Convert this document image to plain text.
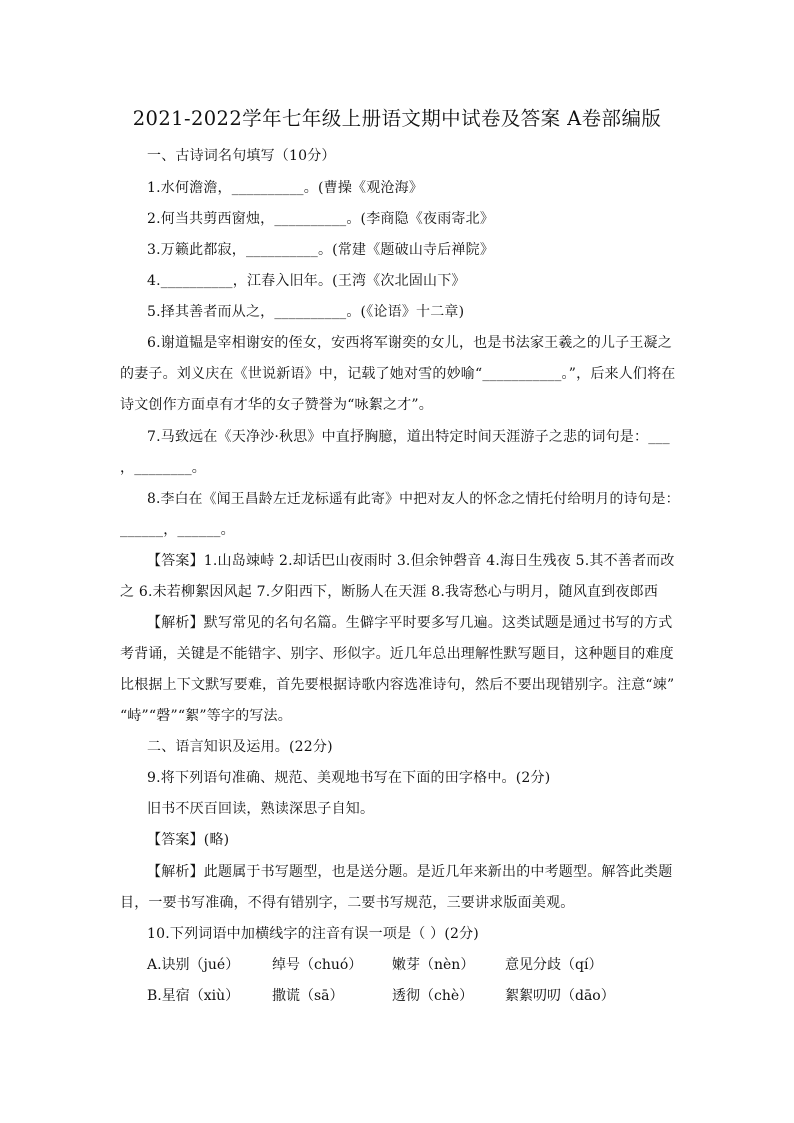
2021-2022学年七年级上册语文期中试卷及答案 A卷部编版
一、古诗词名句填写（10分）
1.水何澹澹，__________。(曹操《观沧海》
2.何当共剪西窗烛，__________。(李商隐《夜雨寄北》
3.万籁此都寂，__________。(常建《题破山寺后禅院》
4.__________，江春入旧年。(王湾《次北固山下》
5.择其善者而从之，__________。(《论语》十二章)
6.谢道韫是宰相谢安的侄女，安西将军谢奕的女儿，也是书法家王羲之的儿子王凝之
的妻子。刘义庆在《世说新语》中，记载了她对雪的妙喻“___________。”，后来人们将在
诗文创作方面卓有才华的女子赞誉为“咏絮之才”。
7.马致远在《天净沙·秋思》中直抒胸臆，道出特定时间天涯游子之悲的词句是：___
，________。
8.李白在《闻王昌龄左迁龙标遥有此寄》中把对友人的怀念之情托付给明月的诗句是：
______，______。
【答案】1.山岛竦峙 2.却话巴山夜雨时 3.但余钟磬音 4.海日生残夜 5.其不善者而改
之 6.未若柳絮因风起 7.夕阳西下，断肠人在天涯 8.我寄愁心与明月，随风直到夜郎西
【解析】默写常见的名句名篇。生僻字平时要多写几遍。这类试题是通过书写的方式
考背诵，关键是不能错字、别字、形似字。近几年总出理解性默写题目，这种题目的难度
比根据上下文默写要难，首先要根据诗歌内容选准诗句，然后不要出现错别字。注意“竦”
“峙”“磬”“絮”等字的写法。
二、语言知识及运用。(22分)
9.将下列语句准确、规范、美观地书写在下面的田字格中。(2分)
旧书不厌百回读，熟读深思子自知。
【答案】(略)
【解析】此题属于书写题型，也是送分题。是近几年来新出的中考题型。解答此类题
目，一要书写准确，不得有错别字，二要书写规范，三要讲求版面美观。
10.下列词语中加横线字的注音有误一项是（ ）(2分)
A.诀别（jué） 绰号（chuó） 嫩芽（nèn） 意见分歧（qí）
B.星宿（xiù） 撒谎（sā）	透彻（chè） 絮絮叨叨（dāo）
